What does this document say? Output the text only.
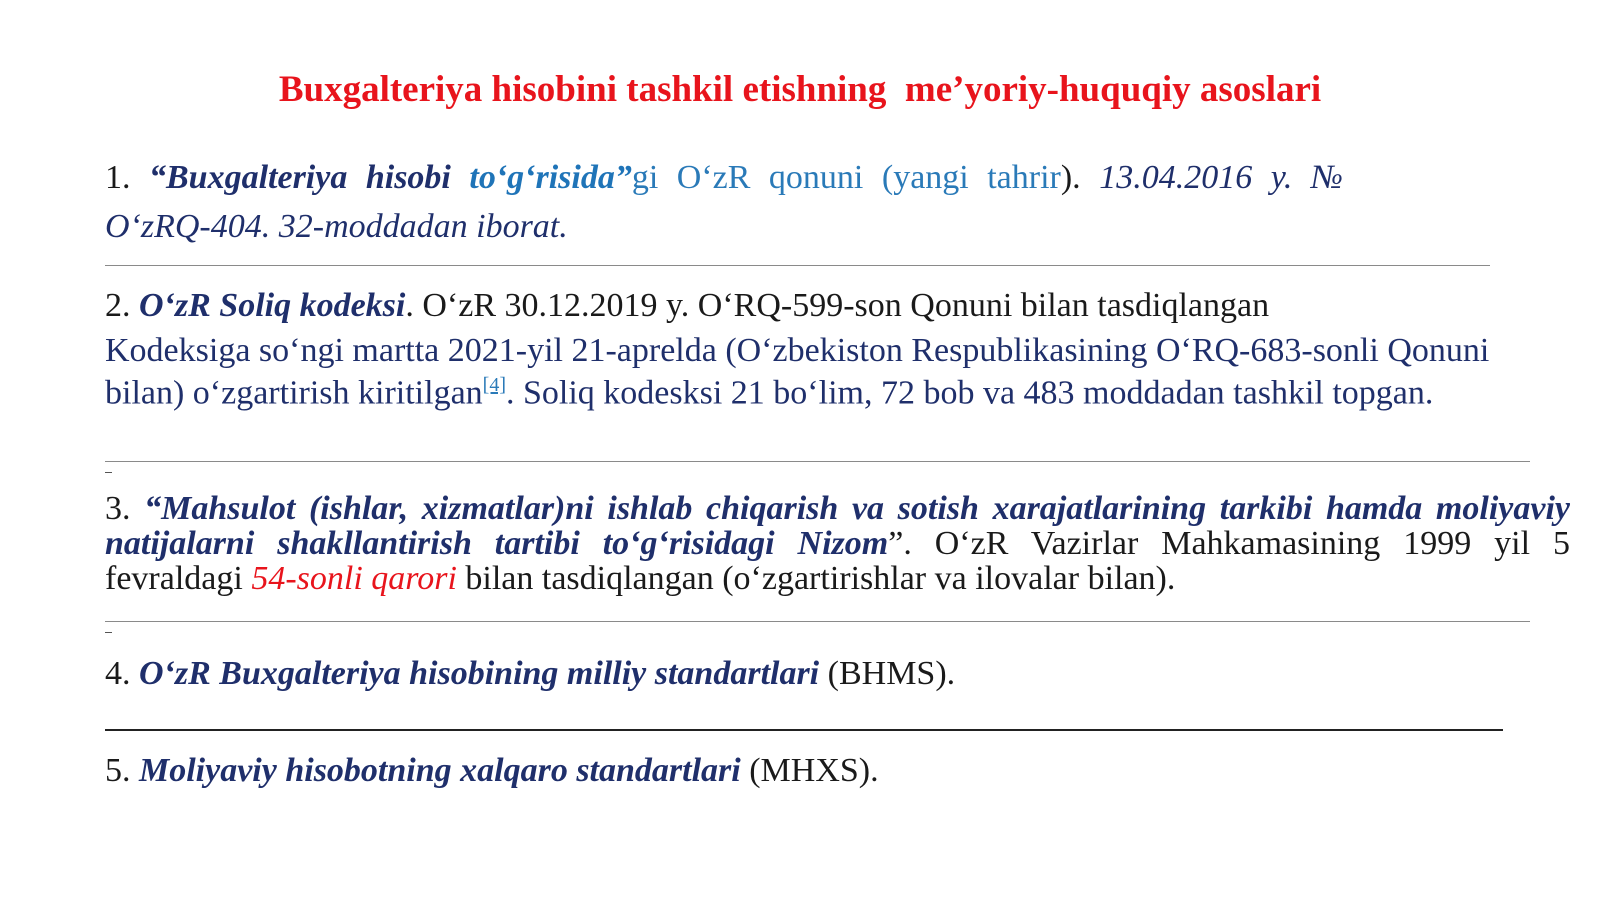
Buxgalteriya hisobini tashkil etishning  me’yoriy-huquqiy asoslari
1. “Buxgalteriya hisobi to‘g‘risida”gi O‘zR qonuni (yangi tahrir). 13.04.2016 y. №
O‘zRQ-404. 32-moddadan iborat.
2. O‘zR Soliq kodeksi. O‘zR 30.12.2019 y. O‘RQ-599-son Qonuni bilan tasdiqlangan
Kodeksiga so‘ngi martta 2021-yil 21-aprelda (O‘zbekiston Respublikasining O‘RQ-683-sonli Qonuni bilan) o‘zgartirish kiritilgan[4]. Soliq kodesksi 21 bo‘lim, 72 bob va 483 moddadan tashkil topgan.
3. “Mahsulot (ishlar, xizmatlar)ni ishlab chiqarish va sotish xarajatlarining tarkibi hamda moliyaviy natijalarni shakllantirish tartibi to‘g‘risidagi Nizom”. O‘zR Vazirlar Mahkamasining 1999 yil 5 fevraldagi 54-sonli qarori bilan tasdiqlangan (o‘zgartirishlar va ilovalar bilan).
4. O‘zR Buxgalteriya hisobining milliy standartlari (BHMS).
5. Moliyaviy hisobotning xalqaro standartlari (MHXS).
